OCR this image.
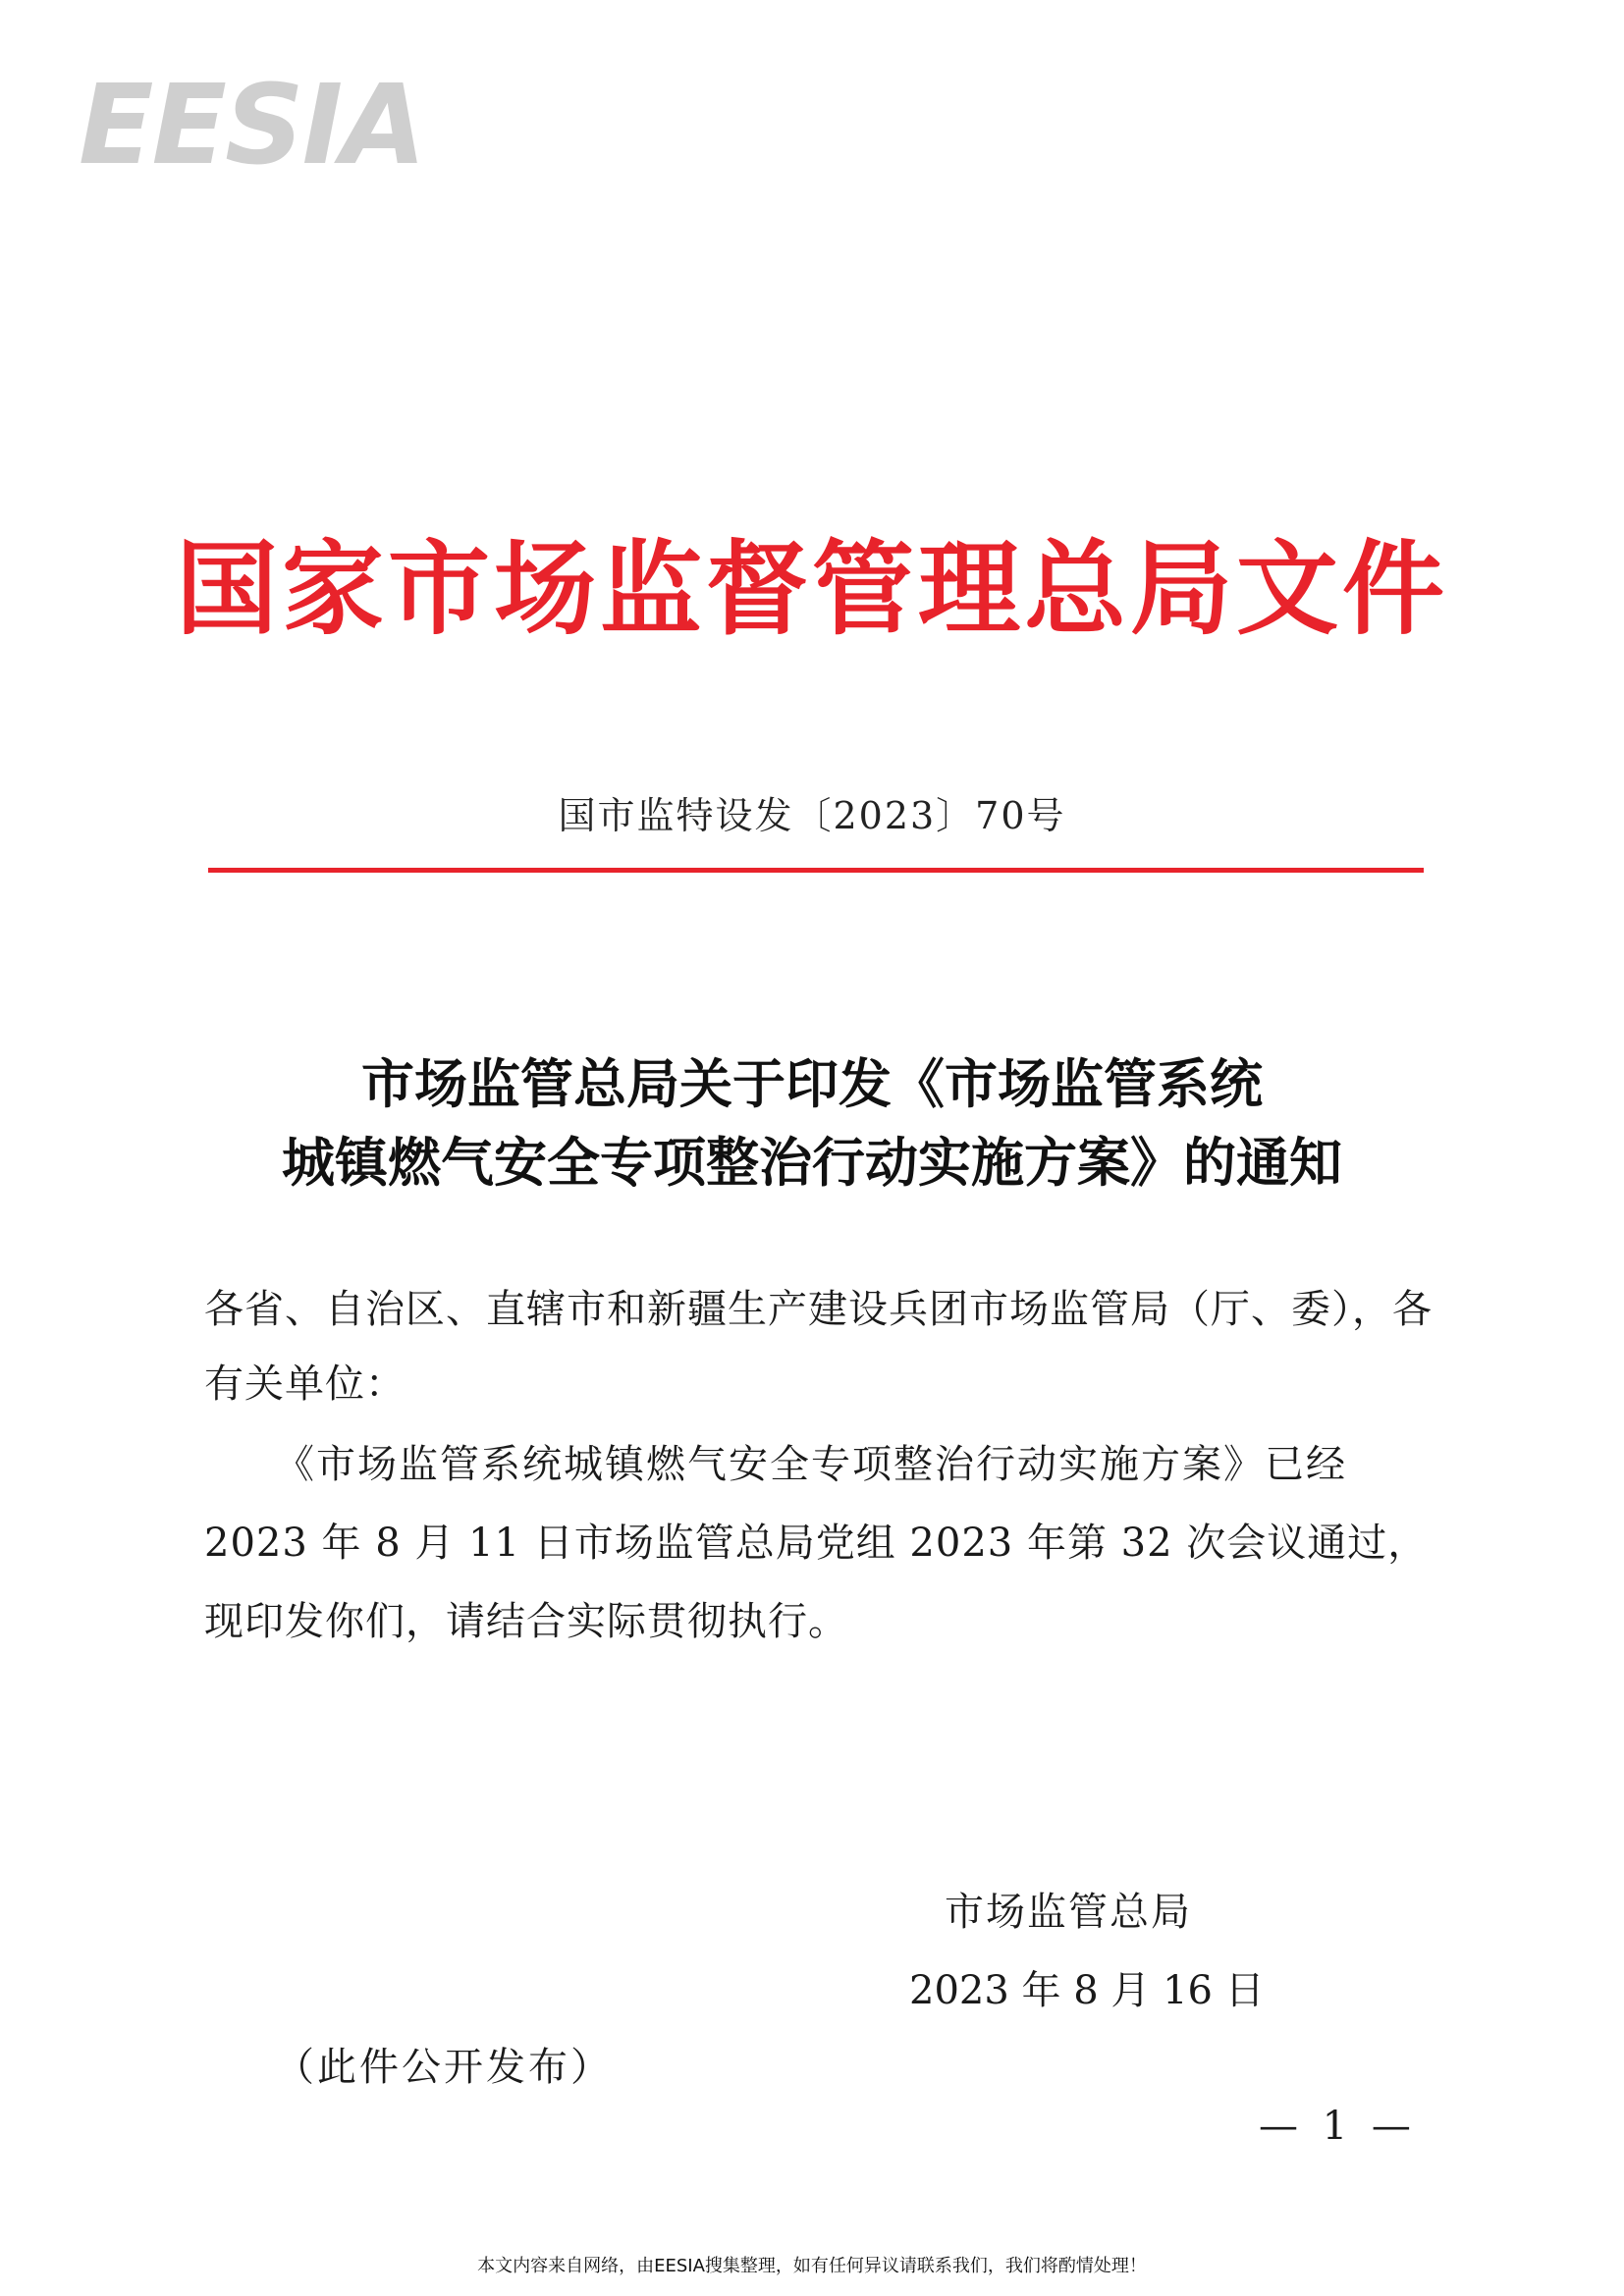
EESIA
国家市场监督管理总局文件
国市监特设发〔2023〕70号
市场监管总局关于印发《市场监管系统
城镇燃气安全专项整治行动实施方案》的通知
各省、自治区、直辖市和新疆生产建设兵团市场监管局（厅、委），各
有关单位：
《市场监管系统城镇燃气安全专项整治行动实施方案》已经
2023 年 8 月 11 日市场监管总局党组 2023 年第 32 次会议通过，
现印发你们，请结合实际贯彻执行。
市场监管总局
2023 年 8 月 16 日
（此件公开发布）
— 1 —
本文内容来自网络，由EESIA搜集整理，如有任何异议请联系我们，我们将酌情处理！
